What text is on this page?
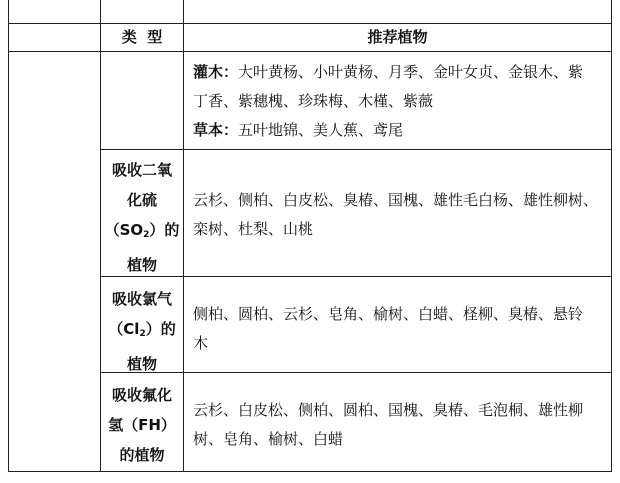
类  型	推荐植物
灌木：大叶黄杨、小叶黄杨、月季、金叶女贞、金银木、紫
丁香、紫穗槐、珍珠梅、木槿、紫薇
草本：五叶地锦、美人蕉、鸢尾
吸收二氧
化硫
$(SO_2)$的
植物
云杉、侧柏、白皮松、臭椿、国槐、雄性毛白杨、雄性柳树、
栾树、杜梨、山桃
吸收氯气
$(Cl_2)$的
植物
侧柏、圆柏、云杉、皂角、榆树、白蜡、柽柳、臭椿、悬铃
木
吸收氟化
氢（FH）
的植物
云杉、白皮松、侧柏、圆柏、国槐、臭椿、毛泡桐、雄性柳
树、皂角、榆树、白蜡
